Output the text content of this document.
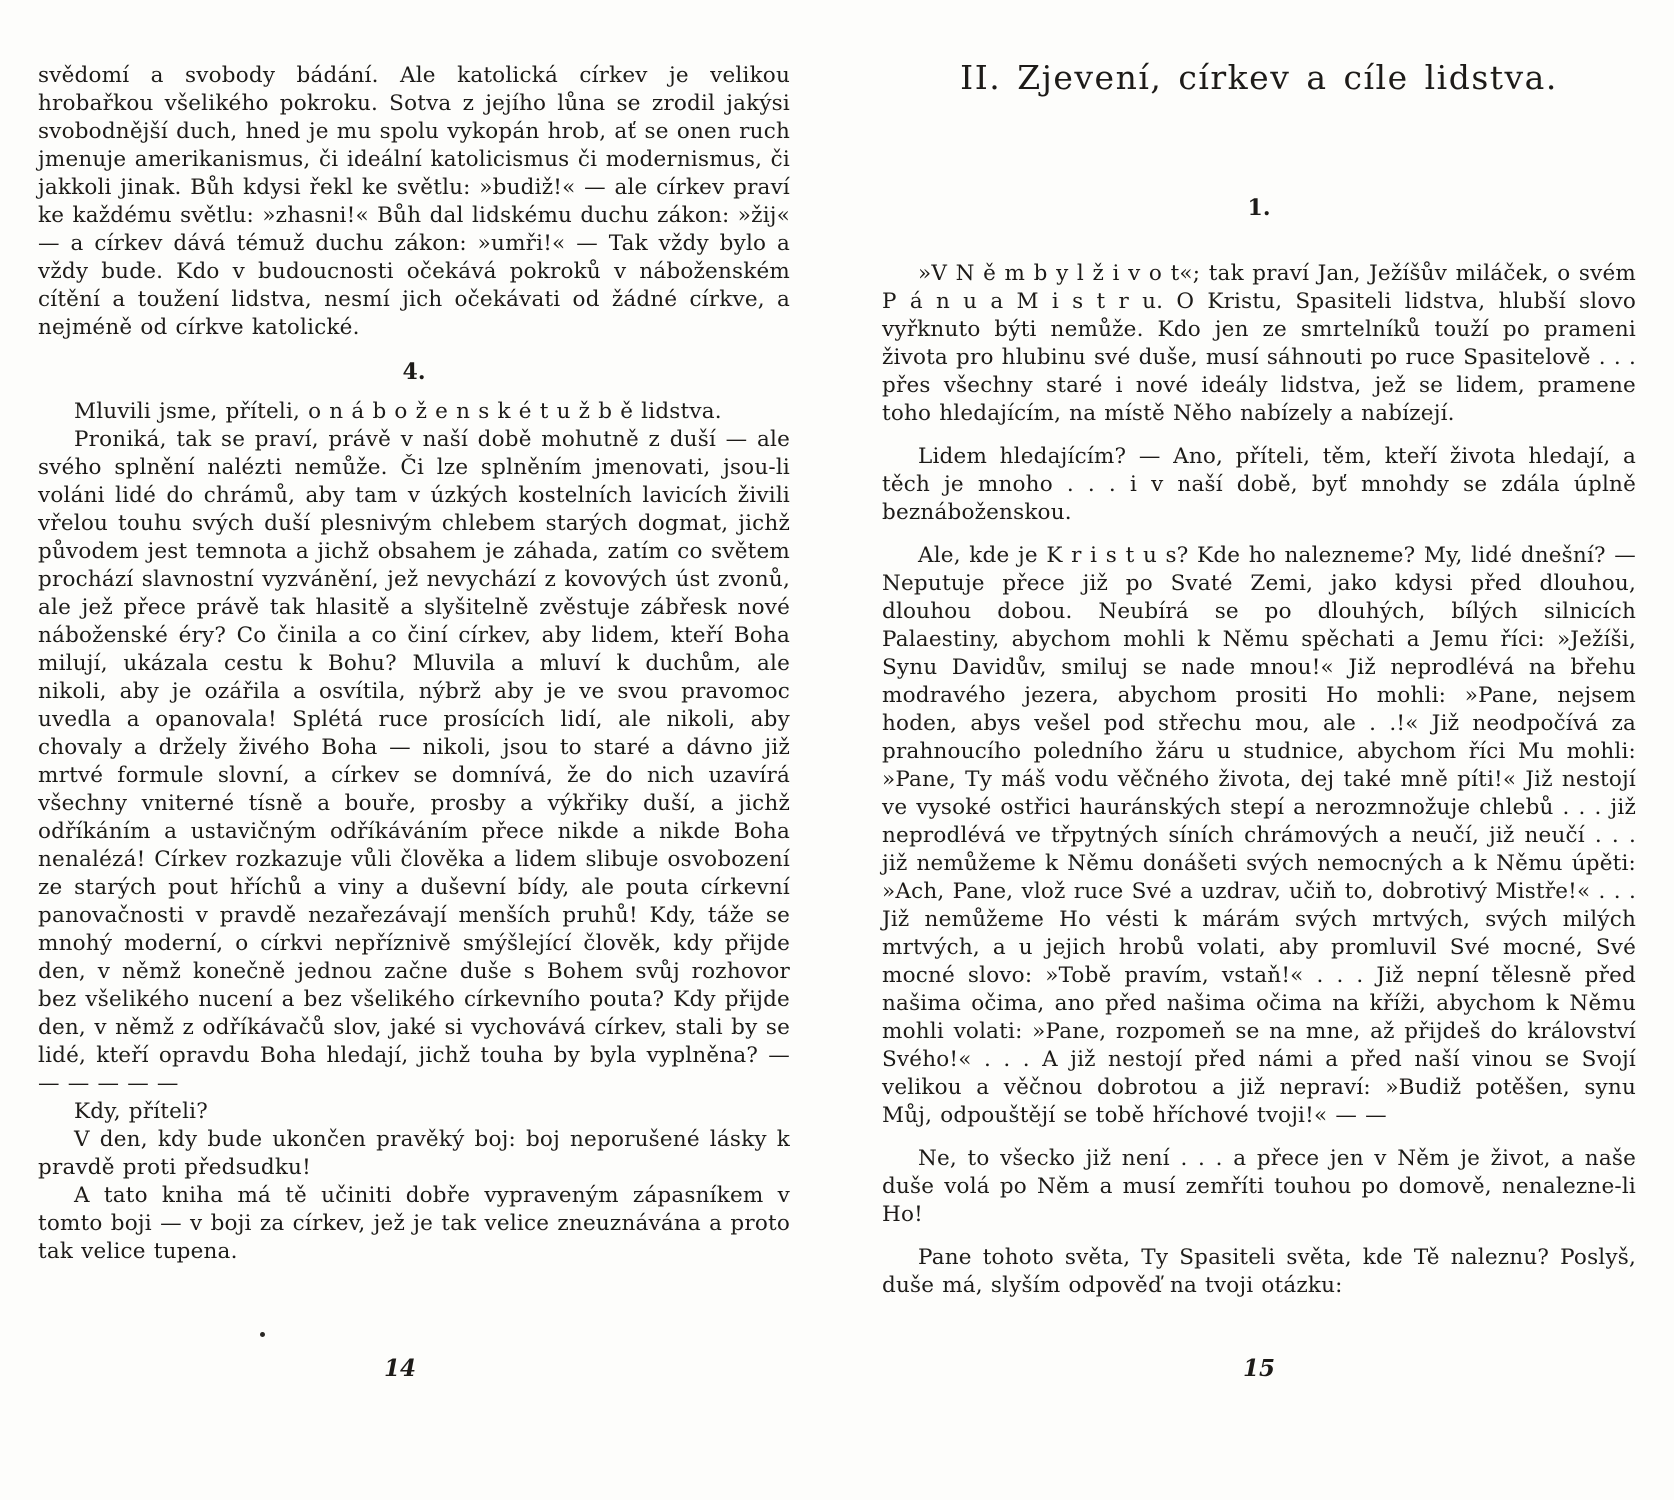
svědomí a svobody bádání. Ale katolická církev je velikou hrobařkou všelikého pokroku. Sotva z jejího lůna se zrodil jakýsi svobodnější duch, hned je mu spolu vykopán hrob, ať se onen ruch jmenuje amerikanismus, či ideální katolicismus či modernismus, či jakkoli jinak. Bůh kdysi řekl ke světlu: »budiž!« — ale církev praví ke každému světlu: »zhasni!« Bůh dal lidskému duchu zákon: »žij« — a církev dává témuž duchu zákon: »umři!« — Tak vždy bylo a vždy bude. Kdo v budoucnosti očekává pokroků v náboženském cítění a toužení lidstva, nesmí jich očekávati od žádné církve, a nejméně od církve katolické.

4.

Mluvili jsme, příteli, o n á b o ž e n s k é t u ž b ě lidstva.

Proniká, tak se praví, právě v naší době mohutně z duší — ale svého splnění nalézti nemůže. Či lze splněním jmenovati, jsou-li voláni lidé do chrámů, aby tam v úzkých kostelních lavicích živili vřelou touhu svých duší plesnivým chlebem starých dogmat, jichž původem jest temnota a jichž obsahem je záhada, zatím co světem prochází slavnostní vyzvánění, jež nevychází z kovových úst zvonů, ale jež přece právě tak hlasitě a slyšitelně zvěstuje zábřesk nové náboženské éry? Co činila a co činí církev, aby lidem, kteří Boha milují, ukázala cestu k Bohu? Mluvila a mluví k duchům, ale nikoli, aby je ozářila a osvítila, nýbrž aby je ve svou pravomoc uvedla a opanovala! Splétá ruce prosících lidí, ale nikoli, aby chovaly a držely živého Boha — nikoli, jsou to staré a dávno již mrtvé formule slovní, a církev se domnívá, že do nich uzavírá všechny vniterné tísně a bouře, prosby a výkřiky duší, a jichž odříkáním a ustavičným odříkáváním přece nikde a nikde Boha nenalézá! Církev rozkazuje vůli člověka a lidem slibuje osvobození ze starých pout hříchů a viny a duševní bídy, ale pouta církevní panovačnosti v pravdě nezařezávají menších pruhů! Kdy, táže se mnohý moderní, o církvi nepříznivě smýšlející člověk, kdy přijde den, v němž konečně jednou začne duše s Bohem svůj rozhovor bez všelikého nucení a bez všelikého církevního pouta? Kdy přijde den, v němž z odříkávačů slov, jaké si vychovává církev, stali by se lidé, kteří opravdu Boha hledají, jichž touha by byla vyplněna? — — — — — —

Kdy, příteli?

V den, kdy bude ukončen pravěký boj: boj neporušené lásky k pravdě proti předsudku!

A tato kniha má tě učiniti dobře vypraveným zápasníkem v tomto boji — v boji za církev, jež je tak velice zneuznávána a proto tak velice tupena.

14
II. Zjevení, církev a cíle lidstva.
1.

»V N ě m b y l ž i v o t«; tak praví Jan, Ježíšův miláček, o svém P á n u a M i s t r u. O Kristu, Spasiteli lidstva, hlubší slovo vyřknuto býti nemůže. Kdo jen ze smrtelníků touží po prameni života pro hlubinu své duše, musí sáhnouti po ruce Spasitelově . . . přes všechny staré i nové ideály lidstva, jež se lidem, pramene toho hledajícím, na místě Něho nabízely a nabízejí.

Lidem hledajícím? — Ano, příteli, těm, kteří života hledají, a těch je mnoho . . . i v naší době, byť mnohdy se zdála úplně beznáboženskou.

Ale, kde je K r i s t u s? Kde ho nalezneme? My, lidé dnešní? — Neputuje přece již po Svaté Zemi, jako kdysi před dlouhou, dlouhou dobou. Neubírá se po dlouhých, bílých silnicích Palaestiny, abychom mohli k Němu spěchati a Jemu říci: »Ježíši, Synu Davidův, smiluj se nade mnou!« Již neprodlévá na břehu modravého jezera, abychom prositi Ho mohli: »Pane, nejsem hoden, abys vešel pod střechu mou, ale . .!« Již neodpočívá za prahnoucího poledního žáru u studnice, abychom říci Mu mohli: »Pane, Ty máš vodu věčného života, dej také mně píti!« Již nestojí ve vysoké ostřici hauránských stepí a nerozmnožuje chlebů . . . již neprodlévá ve třpytných síních chrámových a neučí, již neučí . . . již nemůžeme k Němu donášeti svých nemocných a k Němu úpěti: »Ach, Pane, vlož ruce Své a uzdrav, učiň to, dobrotivý Mistře!« . . . Již nemůžeme Ho vésti k márám svých mrtvých, svých milých mrtvých, a u jejich hrobů volati, aby promluvil Své mocné, Své mocné slovo: »Tobě pravím, vstaň!« . . . Již nepní tělesně před našima očima, ano před našima očima na kříži, abychom k Němu mohli volati: »Pane, rozpomeň se na mne, až přijdeš do království Svého!« . . . A již nestojí před námi a před naší vinou se Svojí velikou a věčnou dobrotou a již nepraví: »Budiž potěšen, synu Můj, odpouštějí se tobě hříchové tvoji!« — —

Ne, to všecko již není . . . a přece jen v Něm je život, a naše duše volá po Něm a musí zemříti touhou po domově, nenalezne-li Ho!

Pane tohoto světa, Ty Spasiteli světa, kde Tě naleznu? Poslyš, duše má, slyším odpověď na tvoji otázku:

15
